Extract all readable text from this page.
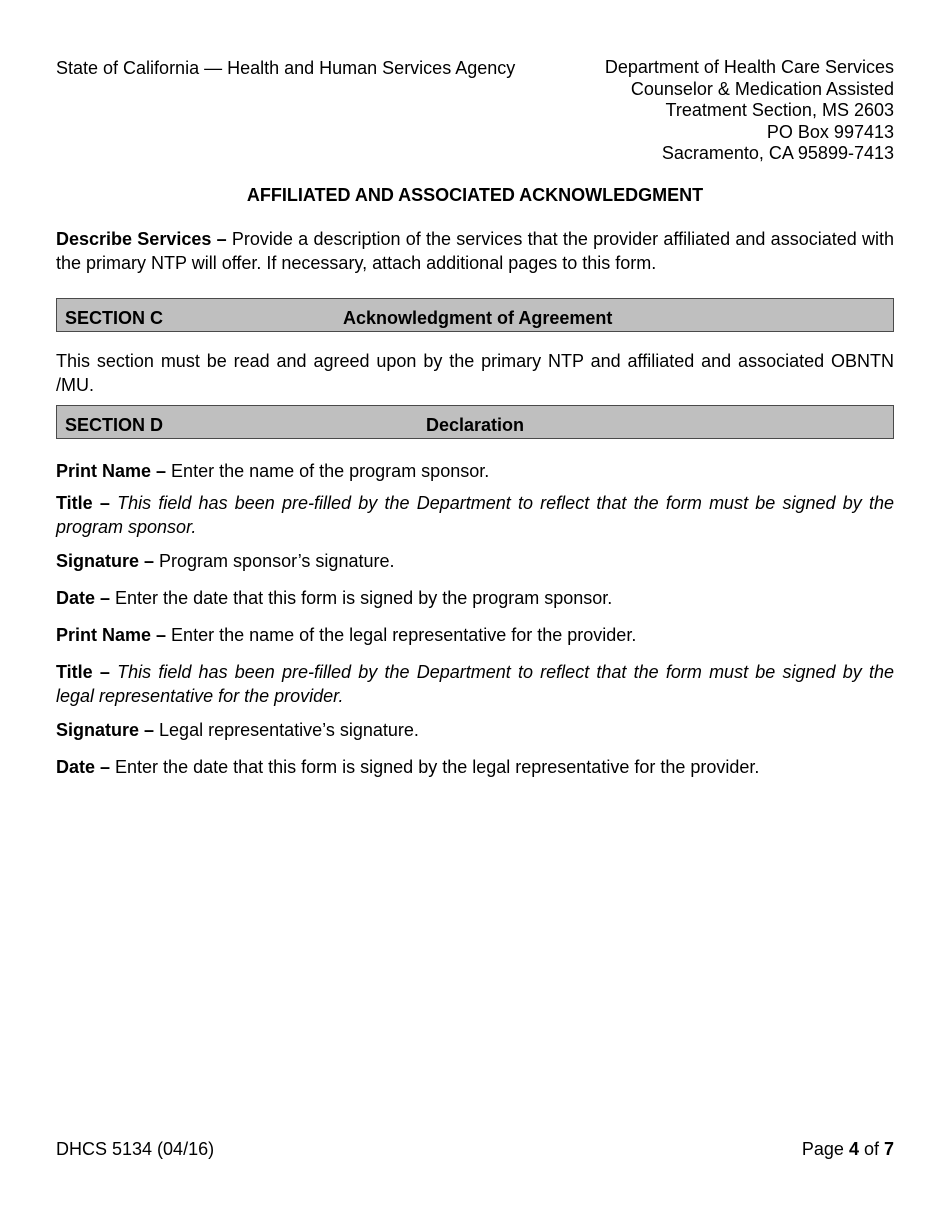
State of California — Health and Human Services Agency	Department of Health Care Services
Counselor & Medication Assisted
Treatment Section, MS 2603
PO Box 997413
Sacramento, CA 95899-7413
AFFILIATED AND ASSOCIATED ACKNOWLEDGMENT
Describe Services – Provide a description of the services that the provider affiliated and associated with the primary NTP will offer. If necessary, attach additional pages to this form.
SECTION C	Acknowledgment of Agreement
This section must be read and agreed upon by the primary NTP and affiliated and associated OBNTN /MU.
SECTION D	Declaration
Print Name – Enter the name of the program sponsor.
Title – This field has been pre-filled by the Department to reflect that the form must be signed by the program sponsor.
Signature – Program sponsor’s signature.
Date – Enter the date that this form is signed by the program sponsor.
Print Name – Enter the name of the legal representative for the provider.
Title – This field has been pre-filled by the Department to reflect that the form must be signed by the legal representative for the provider.
Signature – Legal representative’s signature.
Date – Enter the date that this form is signed by the legal representative for the provider.
DHCS 5134 (04/16)	Page 4 of 7
